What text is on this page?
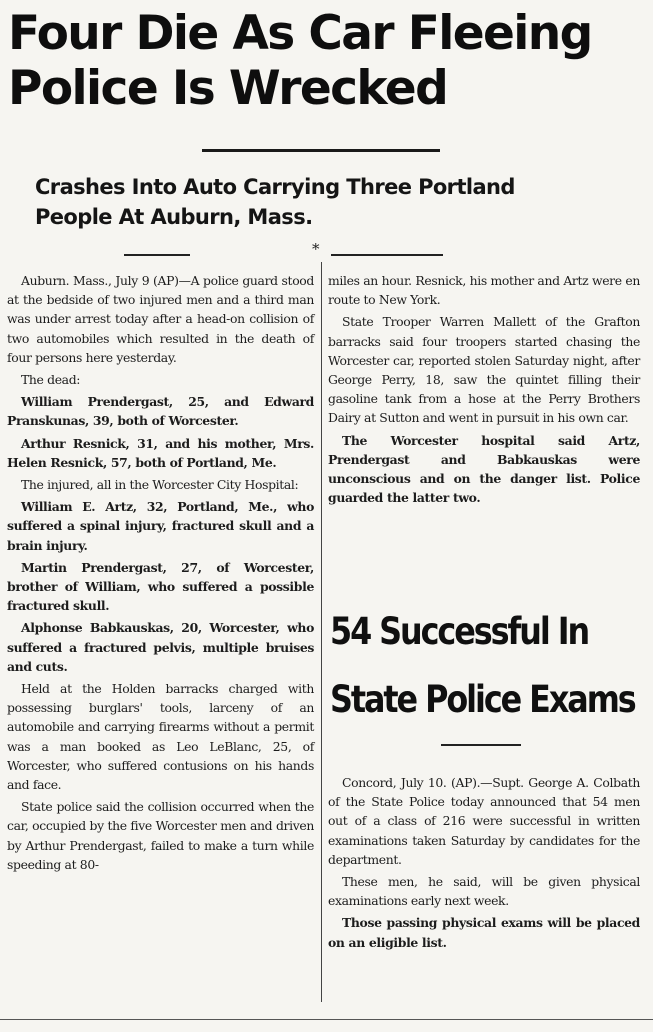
Four Die As Car Fleeing
Police Is Wrecked
Crashes Into Auto Carrying Three Portland
People At Auburn, Mass.
*

Auburn. Mass., July 9 (AP)—A police guard stood at the bedside of two injured men and a third man was under arrest today after a head-on collision of two automobiles which resulted in the death of four persons here yesterday.

The dead:

William Prendergast, 25, and Edward Pranskunas, 39, both of Worcester.

Arthur Resnick, 31, and his mother, Mrs. Helen Resnick, 57, both of Portland, Me.

The injured, all in the Worcester City Hospital:

William E. Artz, 32, Portland, Me., who suffered a spinal injury, fractured skull and a brain injury.

Martin Prendergast, 27, of Worcester, brother of William, who suffered a possible fractured skull.

Alphonse Babkauskas, 20, Worcester, who suffered a fractured pelvis, multiple bruises and cuts.

Held at the Holden barracks charged with possessing burglars' tools, larceny of an automobile and carrying firearms without a permit was a man booked as Leo LeBlanc, 25, of Worcester, who suffered contusions on his hands and face.

State police said the collision occurred when the car, occupied by the five Worcester men and driven by Arthur Prendergast, failed to make a turn while speeding at 80-

miles an hour. Resnick, his mother and Artz were en route to New York.

State Trooper Warren Mallett of the Grafton barracks said four troopers started chasing the Worcester car, reported stolen Saturday night, after George Perry, 18, saw the quintet filling their gasoline tank from a hose at the Perry Brothers Dairy at Sutton and went in pursuit in his own car.

The Worcester hospital said Artz, Prendergast and Babkauskas were unconscious and on the danger list. Police guarded the latter two.

54 Successful In
State Police Exams

Concord, July 10. (AP).—Supt. George A. Colbath of the State Police today announced that 54 men out of a class of 216 were successful in written examinations taken Saturday by candidates for the department.

These men, he said, will be given physical examinations early next week.

Those passing physical exams will be placed on an eligible list.
